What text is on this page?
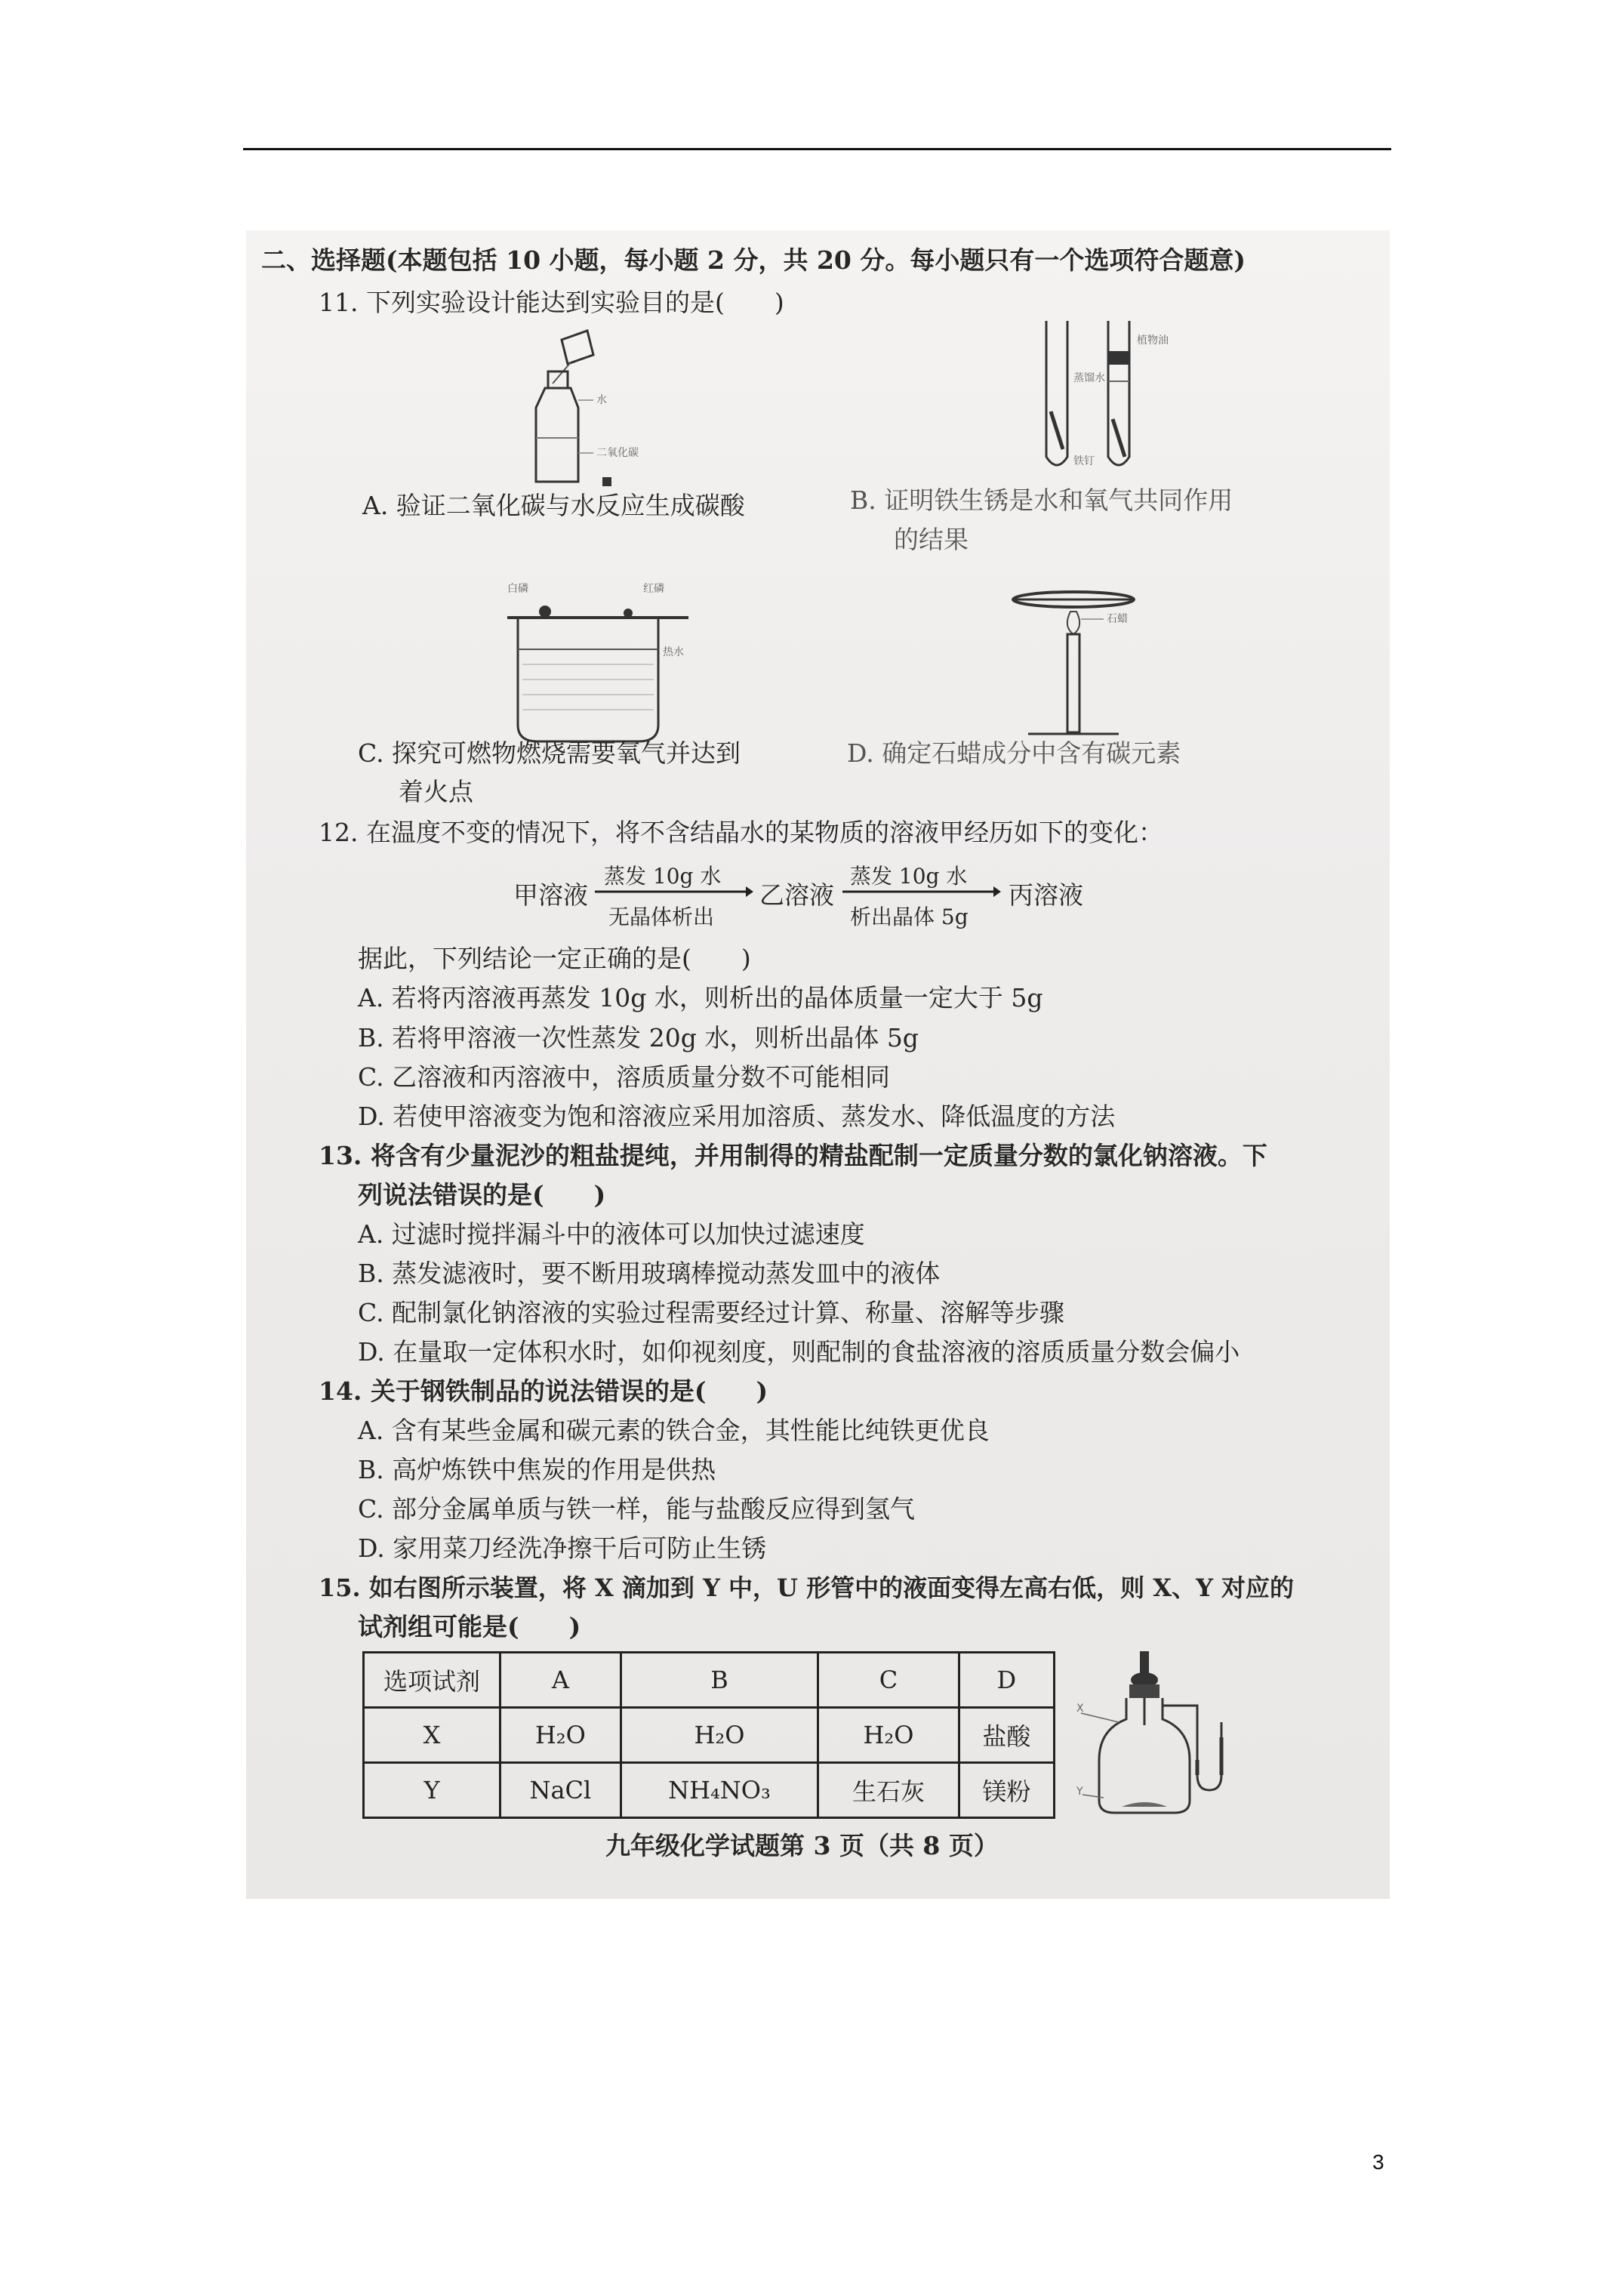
二、选择题(本题包括 10 小题，每小题 2 分，共 20 分。每小题只有一个选项符合题意)
11. 下列实验设计能达到实验目的是(　　)
水
二氧化碳
植物油
蒸馏水
铁钉
A. 验证二氧化碳与水反应生成碳酸	B. 证明铁生锈是水和氧气共同作用
的结果
白磷	红磷
热水
石蜡
C. 探究可燃物燃烧需要氧气并达到
着火点
D. 确定石蜡成分中含有碳元素
12. 在温度不变的情况下，将不含结晶水的某物质的溶液甲经历如下的变化：
甲溶液
蒸发 10g 水
无晶体析出
乙溶液
蒸发 10g 水
析出晶体 5g
丙溶液
据此，下列结论一定正确的是(　　)
A. 若将丙溶液再蒸发 10g 水，则析出的晶体质量一定大于 5g
B. 若将甲溶液一次性蒸发 20g 水，则析出晶体 5g
C. 乙溶液和丙溶液中，溶质质量分数不可能相同
D. 若使甲溶液变为饱和溶液应采用加溶质、蒸发水、降低温度的方法
13. 将含有少量泥沙的粗盐提纯，并用制得的精盐配制一定质量分数的氯化钠溶液。下
列说法错误的是(　　)
A. 过滤时搅拌漏斗中的液体可以加快过滤速度
B. 蒸发滤液时，要不断用玻璃棒搅动蒸发皿中的液体
C. 配制氯化钠溶液的实验过程需要经过计算、称量、溶解等步骤
D. 在量取一定体积水时，如仰视刻度，则配制的食盐溶液的溶质质量分数会偏小
14. 关于钢铁制品的说法错误的是(　　)
A. 含有某些金属和碳元素的铁合金，其性能比纯铁更优良
B. 高炉炼铁中焦炭的作用是供热
C. 部分金属单质与铁一样，能与盐酸反应得到氢气
D. 家用菜刀经洗净擦干后可防止生锈
15. 如右图所示装置，将 X 滴加到 Y 中，U 形管中的液面变得左高右低，则 X、Y 对应的
试剂组可能是(　　)
选项试剂	A	B	C	D
X	H₂O	H₂O	H₂O	盐酸
Y	NaCl	NH₄NO₃	生石灰	镁粉
X
Y
九年级化学试题第 3 页（共 8 页）
3
